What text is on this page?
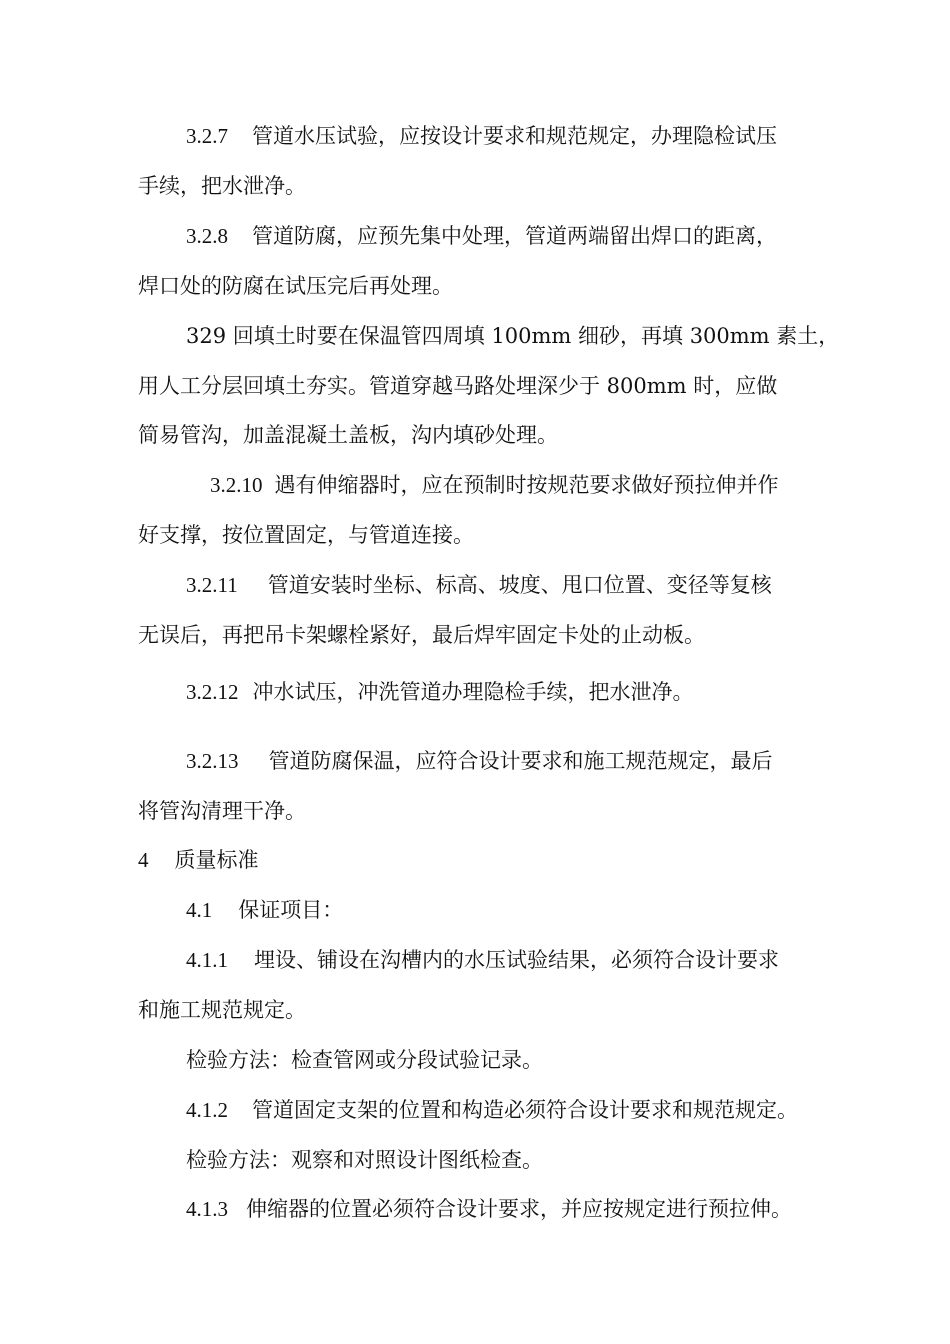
3.2.7 管道水压试验，应按设计要求和规范规定，办理隐检试压
手续，把水泄净。
3.2.8 管道防腐，应预先集中处理，管道两端留出焊口的距离，
焊口处的防腐在试压完后再处理。
329 回填土时要在保温管四周填 100mm 细砂，再填 300mm 素土，
用人工分层回填土夯实。管道穿越马路处埋深少于 800mm 时，应做
简易管沟，加盖混凝土盖板，沟内填砂处理。
3.2.10 遇有伸缩器时，应在预制时按规范要求做好预拉伸并作
好支撑，按位置固定，与管道连接。
3.2.11 管道安装时坐标、标高、坡度、甩口位置、变径等复核
无误后，再把吊卡架螺栓紧好，最后焊牢固定卡处的止动板。
3.2.12 冲水试压，冲洗管道办理隐检手续，把水泄净。
3.2.13 管道防腐保温，应符合设计要求和施工规范规定，最后
将管沟清理干净。
4 质量标准
4.1 保证项目：
4.1.1 埋设、铺设在沟槽内的水压试验结果，必须符合设计要求
和施工规范规定。
检验方法：检查管网或分段试验记录。
4.1.2 管道固定支架的位置和构造必须符合设计要求和规范规定。
检验方法：观察和对照设计图纸检查。
4.1.3 伸缩器的位置必须符合设计要求，并应按规定进行预拉伸。
